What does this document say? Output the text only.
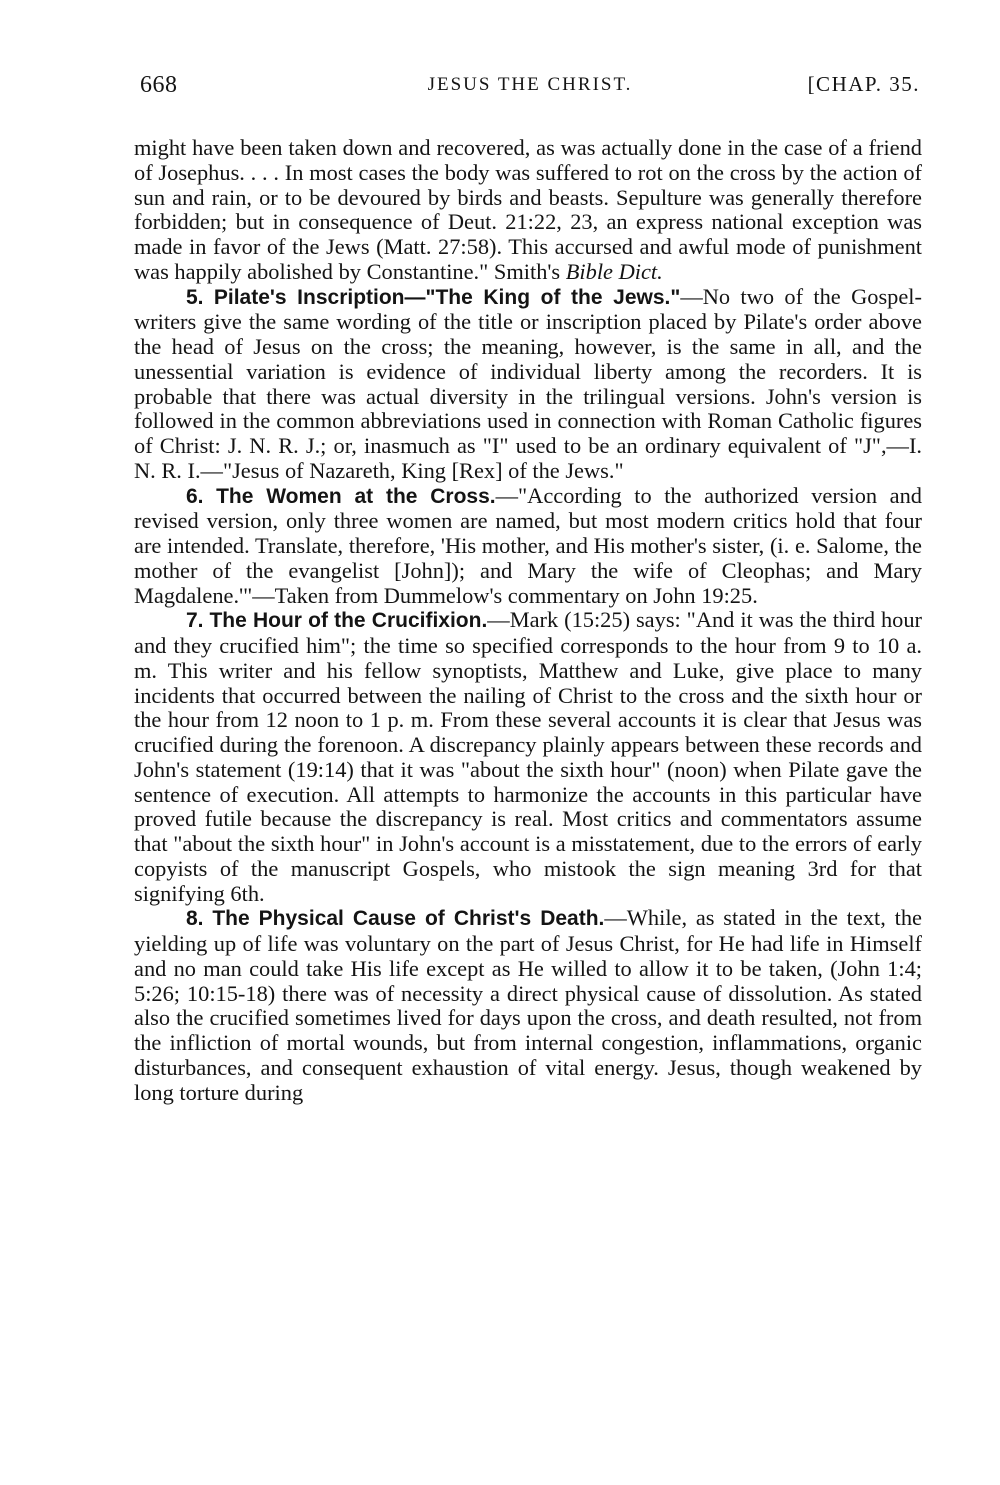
668	JESUS THE CHRIST.	[CHAP. 35.

might have been taken down and recovered, as was actually done in the case of a friend of Josephus. . . . In most cases the body was suffered to rot on the cross by the action of sun and rain, or to be devoured by birds and beasts. Sepulture was generally therefore forbidden; but in consequence of Deut. 21:22, 23, an express national exception was made in favor of the Jews (Matt. 27:58). This accursed and awful mode of punishment was happily abolished by Constantine." Smith's Bible Dict.

5. Pilate's Inscription—"The King of the Jews."—No two of the Gospel-writers give the same wording of the title or inscription placed by Pilate's order above the head of Jesus on the cross; the meaning, however, is the same in all, and the unessential variation is evidence of individual liberty among the recorders. It is probable that there was actual diversity in the trilingual versions. John's version is followed in the common abbreviations used in connection with Roman Catholic figures of Christ: J. N. R. J.; or, inasmuch as "I" used to be an ordinary equivalent of "J",—I. N. R. I.—"Jesus of Nazareth, King [Rex] of the Jews."

6. The Women at the Cross.—"According to the authorized version and revised version, only three women are named, but most modern critics hold that four are intended. Translate, therefore, 'His mother, and His mother's sister, (i. e. Salome, the mother of the evangelist [John]); and Mary the wife of Cleophas; and Mary Magdalene.'"—Taken from Dummelow's commentary on John 19:25.

7. The Hour of the Crucifixion.—Mark (15:25) says: "And it was the third hour and they crucified him"; the time so specified corresponds to the hour from 9 to 10 a. m. This writer and his fellow synoptists, Matthew and Luke, give place to many incidents that occurred between the nailing of Christ to the cross and the sixth hour or the hour from 12 noon to 1 p. m. From these several accounts it is clear that Jesus was crucified during the forenoon. A discrepancy plainly appears between these records and John's statement (19:14) that it was "about the sixth hour" (noon) when Pilate gave the sentence of execution. All attempts to harmonize the accounts in this particular have proved futile because the discrepancy is real. Most critics and commentators assume that "about the sixth hour" in John's account is a misstatement, due to the errors of early copyists of the manuscript Gospels, who mistook the sign meaning 3rd for that signifying 6th.

8. The Physical Cause of Christ's Death.—While, as stated in the text, the yielding up of life was voluntary on the part of Jesus Christ, for He had life in Himself and no man could take His life except as He willed to allow it to be taken, (John 1:4; 5:26; 10:15-18) there was of necessity a direct physical cause of dissolution. As stated also the crucified sometimes lived for days upon the cross, and death resulted, not from the infliction of mortal wounds, but from internal congestion, inflammations, organic disturbances, and consequent exhaustion of vital energy. Jesus, though weakened by long torture during
